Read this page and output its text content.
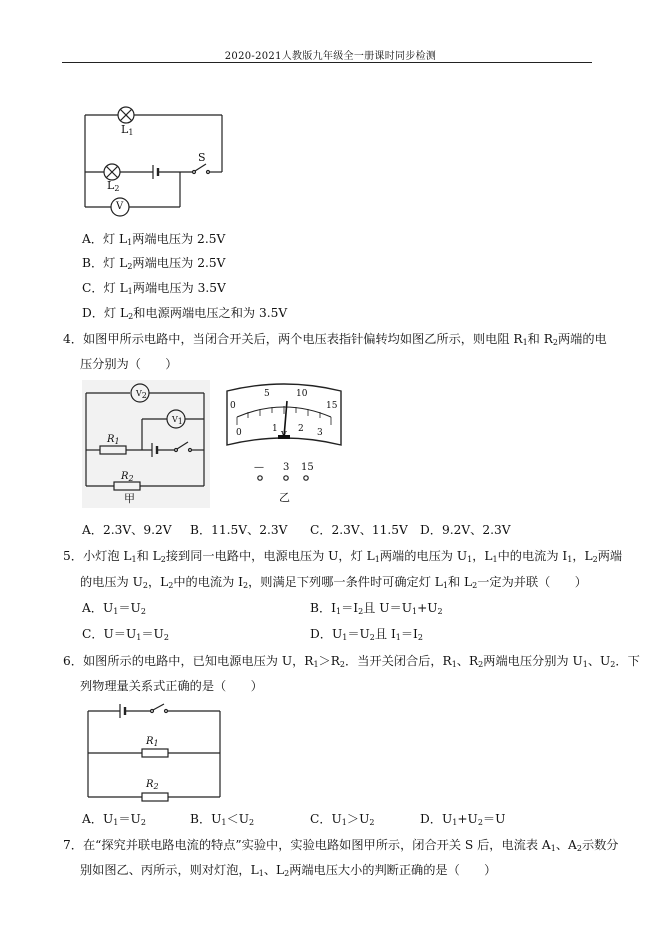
2020-2021人教版九年级全一册课时同步检测
$L_1$
$L_2$
S
V
A．灯 $L_1$两端电压为 2.5V
B．灯 $L_2$两端电压为 2.5V
C．灯 $L_1$两端电压为 3.5V
D．灯 $L_2$和电源两端电压之和为 3.5V
4．如图甲所示电路中，当闭合开关后，两个电压表指针偏转均如图乙所示，则电阻 $R_1$和 $R_2$两端的电
压分别为（　　）
$V_2$
$V_1$
$R_1$
$R_2$
甲
0
5	10
15
0	1 2 3
V
— 3 15
乙
A．2.3V、9.2V B．11.5V、2.3V C．2.3V、11.5V D．9.2V、2.3V
5．小灯泡 $L_1$和 $L_2$接到同一电路中，电源电压为 U，灯 $L_1$两端的电压为 $U_1$，$L_1$中的电流为 $I_1$，$L_2$两端
的电压为 $U_2$，$L_2$中的电流为 $I_2$，则满足下列哪一条件时可确定灯 $L_1$和 $L_2$一定为并联（　　）
A．$U_1=U_2$	B．$I_1=I_2$且 $U=U_1+U_2$
C．$U=U_1=U_2$	D．$U_1=U_2$且 $I_1=I_2$
6．如图所示的电路中，已知电源电压为 U，$R_1>R_2$．当开关闭合后，$R_1$、$R_2$两端电压分别为 $U_1$、$U_2$．下
列物理量关系式正确的是（　　）
$R_1$
$R_2$
A．$U_1=U_2$	B．$U_1<U_2$	C．$U_1>U_2$	D．$U_1+U_2=U$
7．在“探究并联电路电流的特点”实验中，实验电路如图甲所示，闭合开关 S 后，电流表 $A_1$、$A_2$示数分
别如图乙、丙所示，则对灯泡，$L_1$、$L_2$两端电压大小的判断正确的是（　　）
